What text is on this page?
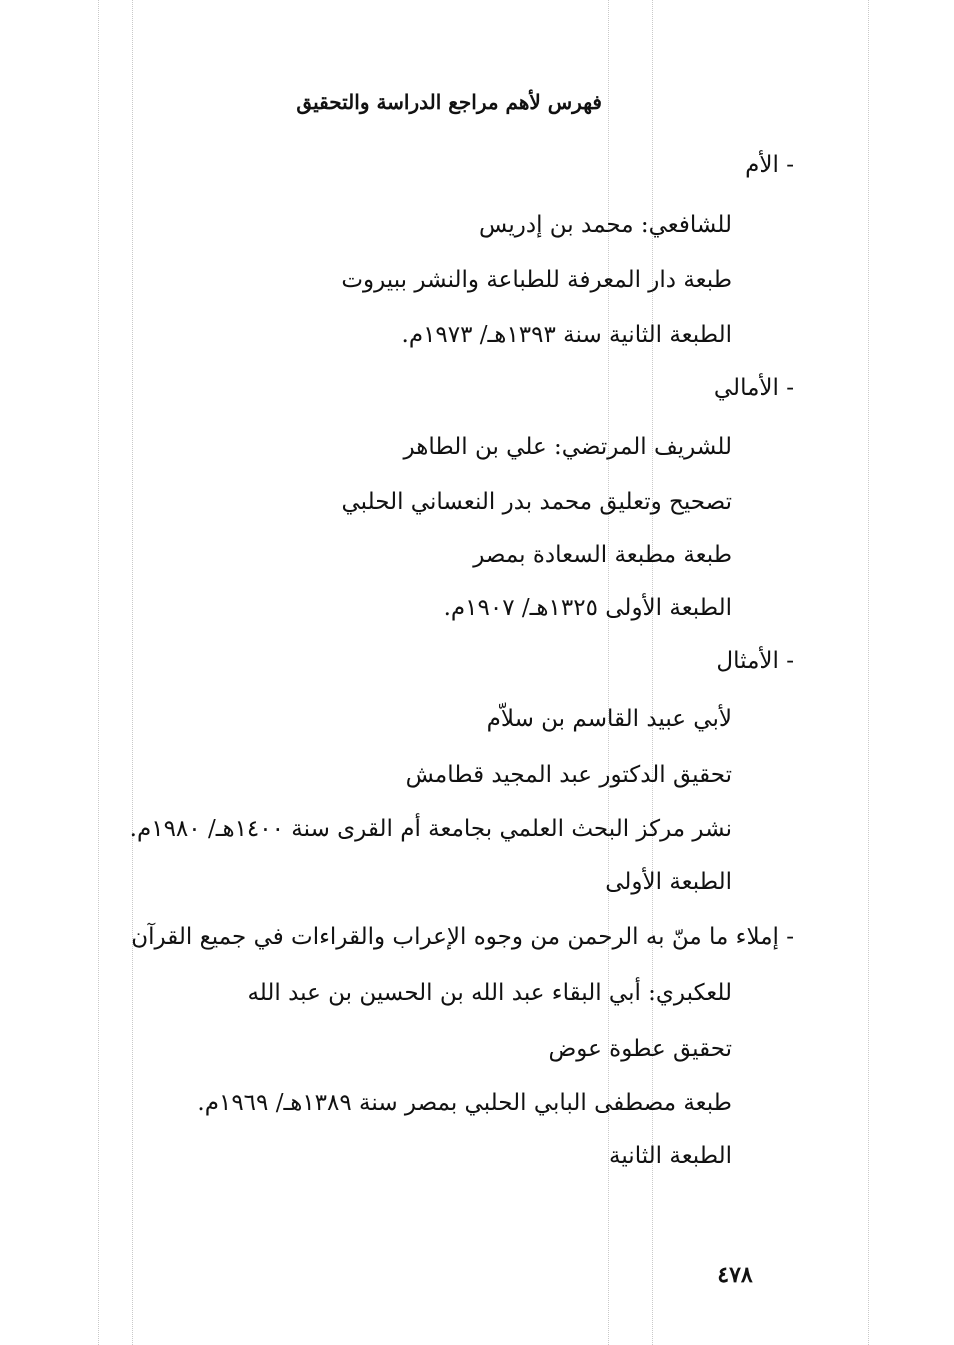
فهرس لأهم مراجع الدراسة والتحقيق
- الأم
للشافعي: محمد بن إدريس
طبعة دار المعرفة للطباعة والنشر ببيروت
الطبعة الثانية سنة ١٣٩٣هـ/ ١٩٧٣م.
- الأمالي
للشريف المرتضي: علي بن الطاهر
تصحيح وتعليق محمد بدر النعساني الحلبي
طبعة مطبعة السعادة بمصر
الطبعة الأولى ١٣٢٥هـ/ ١٩٠٧م.
- الأمثال
لأبي عبيد القاسم بن سلاّم
تحقيق الدكتور عبد المجيد قطامش
نشر مركز البحث العلمي بجامعة أم القرى سنة ١٤٠٠هـ/ ١٩٨٠م.
الطبعة الأولى
- إملاء ما منّ به الرحمن من وجوه الإعراب والقراءات في جميع القرآن
للعكبري: أبي البقاء عبد الله بن الحسين بن عبد الله
تحقيق عطوة عوض
طبعة مصطفى البابي الحلبي بمصر سنة ١٣٨٩هـ/ ١٩٦٩م.
الطبعة الثانية
٤٧٨
